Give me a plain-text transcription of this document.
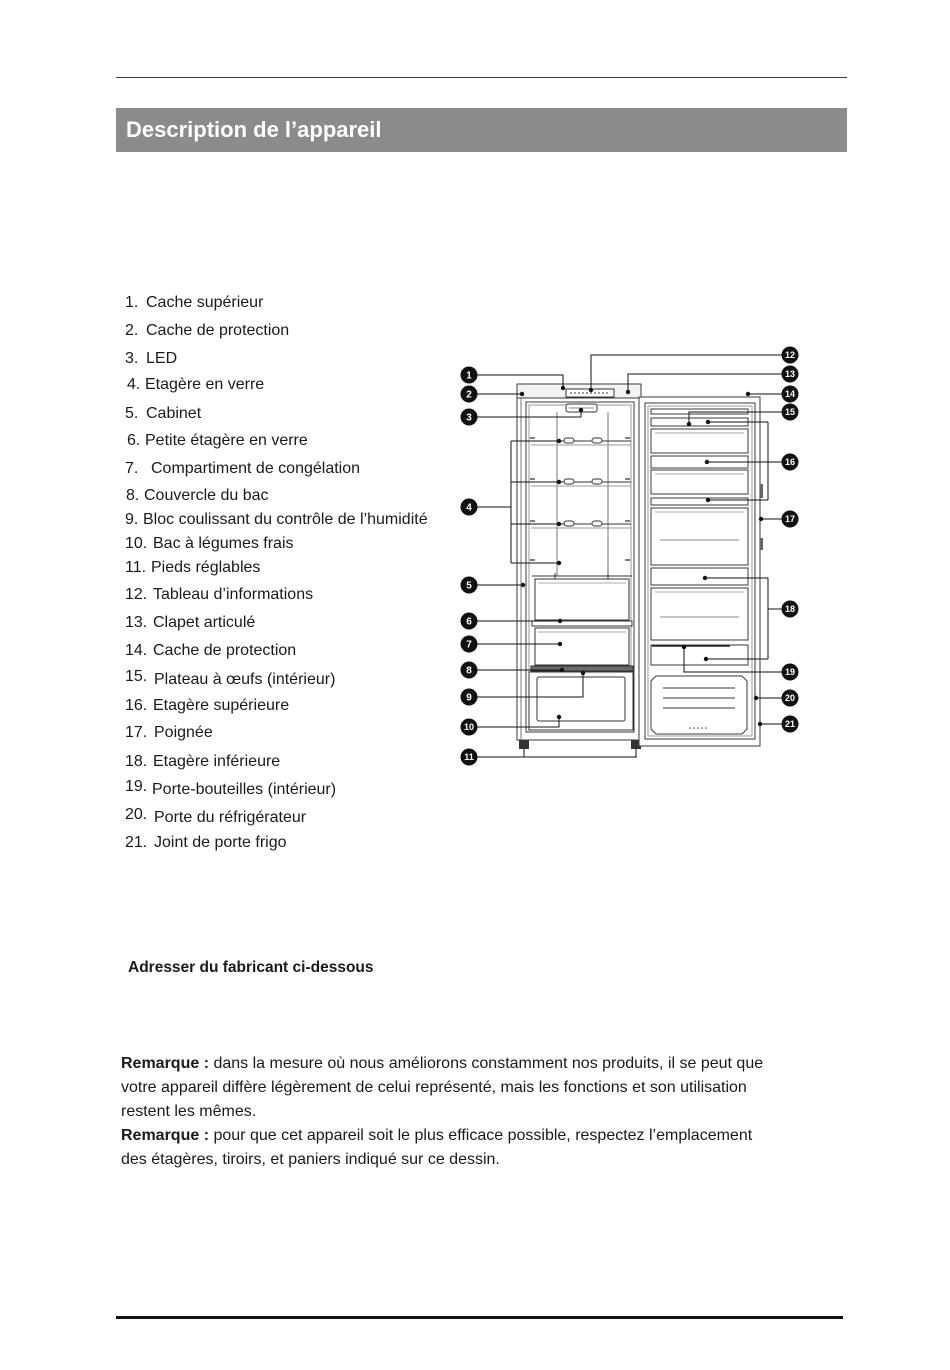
Description de l’appareil
1. Cache supérieur
2. Cache de protection
3. LED
4. Etagère en verre
5. Cabinet
6. Petite étagère en verre
7. Compartiment de congélation
8. Couvercle du bac
9. Bloc coulissant du contrôle de l’humidité
10. Bac à légumes frais
11. Pieds réglables
12. Tableau d’informations
13. Clapet articulé
14. Cache de protection
15. Plateau à œufs (intérieur)
16. Etagère supérieure
17. Poignée
18. Etagère inférieure
19. Porte-bouteilles (intérieur)
20. Porte du réfrigérateur
21. Joint de porte frigo
1
2
3
4
5
6
7
8
9
10
11
12
13
14
15
16
17
18
19
20
21
Adresser du fabricant ci-dessous
Remarque : dans la mesure où nous améliorons constamment nos produits, il se peut que
votre appareil diffère légèrement de celui représenté, mais les fonctions et son utilisation
restent les mêmes.
Remarque : pour que cet appareil soit le plus efficace possible, respectez l’emplacement
des étagères, tiroirs, et paniers indiqué sur ce dessin.
